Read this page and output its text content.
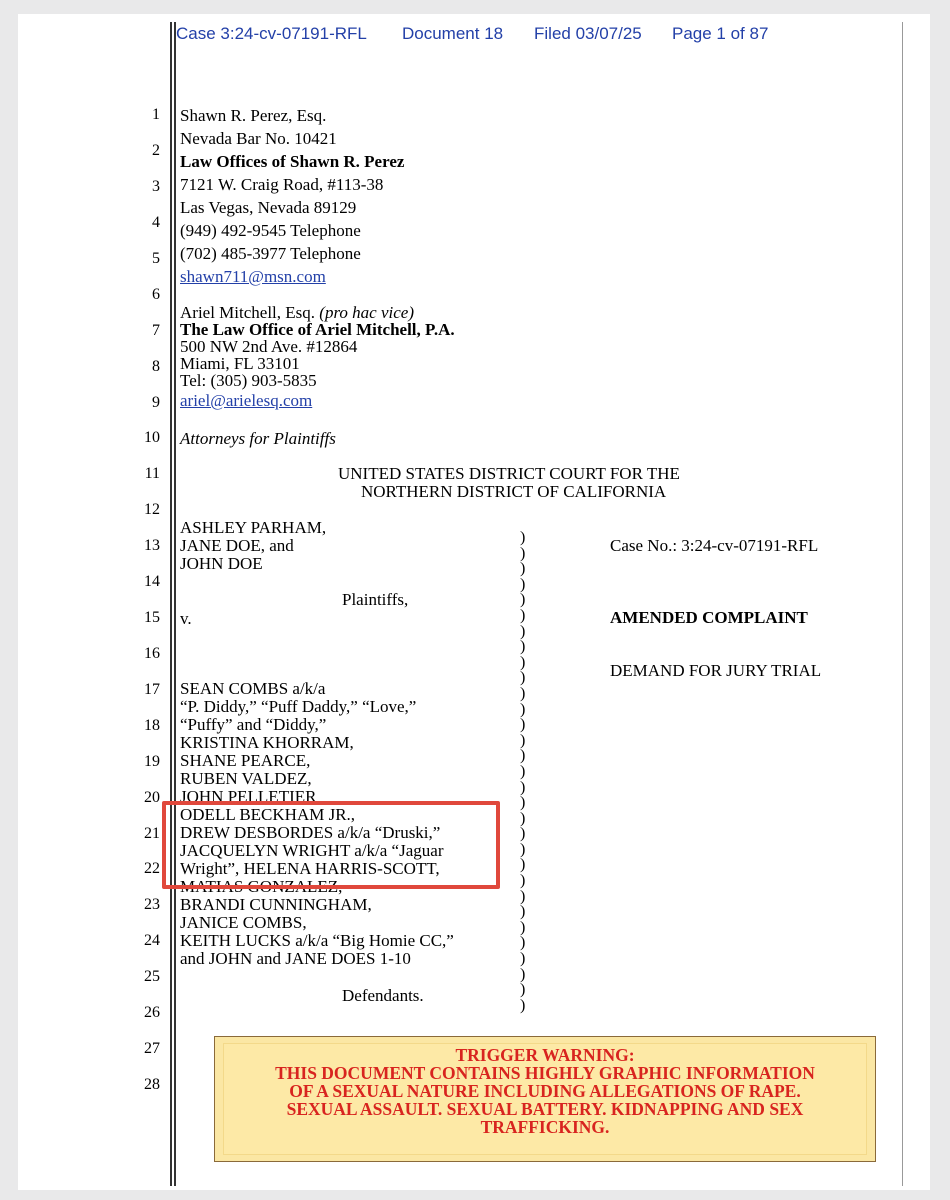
Case 3:24-cv-07191-RFL Document 18 Filed 03/07/25 Page 1 of 87
1
2
3
4
5
6
7
8
9
10
11
12
13
14
15
16
17
18
19
20
21
22
23
24
25
26
27
28
Shawn R. Perez, Esq.
Nevada Bar No. 10421
Law Offices of Shawn R. Perez
7121 W. Craig Road, #113-38
Las Vegas, Nevada 89129
(949) 492-9545 Telephone
(702) 485-3977 Telephone
shawn711@msn.com
Ariel Mitchell, Esq. (pro hac vice)
The Law Office of Ariel Mitchell, P.A.
500 NW 2nd Ave. #12864
Miami, FL 33101
Tel: (305) 903-5835
ariel@arielesq.com
Attorneys for Plaintiffs
UNITED STATES DISTRICT COURT FOR THE
NORTHERN DISTRICT OF CALIFORNIA
ASHLEY PARHAM,
JANE DOE, and
JOHN DOE
Plaintiffs,
v.
SEAN COMBS a/k/a
“P. Diddy,” “Puff Daddy,” “Love,”
“Puffy” and “Diddy,”
KRISTINA KHORRAM,
SHANE PEARCE,
RUBEN VALDEZ,
JOHN PELLETIER
ODELL BECKHAM JR.,
DREW DESBORDES a/k/a “Druski,”
JACQUELYN WRIGHT a/k/a “Jaguar
Wright”, HELENA HARRIS-SCOTT,
MATIAS GONZALEZ,
BRANDI CUNNINGHAM,
JANICE COMBS,
KEITH LUCKS a/k/a “Big Homie CC,”
and JOHN and JANE DOES 1-10
Defendants.
)
)
)
)
)
)
)
)
)
)
)
)
)
)
)
)
)
)
)
)
)
)
)
)
)
)
)
)
)
)
)
Case No.: 3:24-cv-07191-RFL
AMENDED COMPLAINT
DEMAND FOR JURY TRIAL
TRIGGER WARNING:
THIS DOCUMENT CONTAINS HIGHLY GRAPHIC INFORMATION
OF A SEXUAL NATURE INCLUDING ALLEGATIONS OF RAPE.
SEXUAL ASSAULT. SEXUAL BATTERY. KIDNAPPING AND SEX
TRAFFICKING.
